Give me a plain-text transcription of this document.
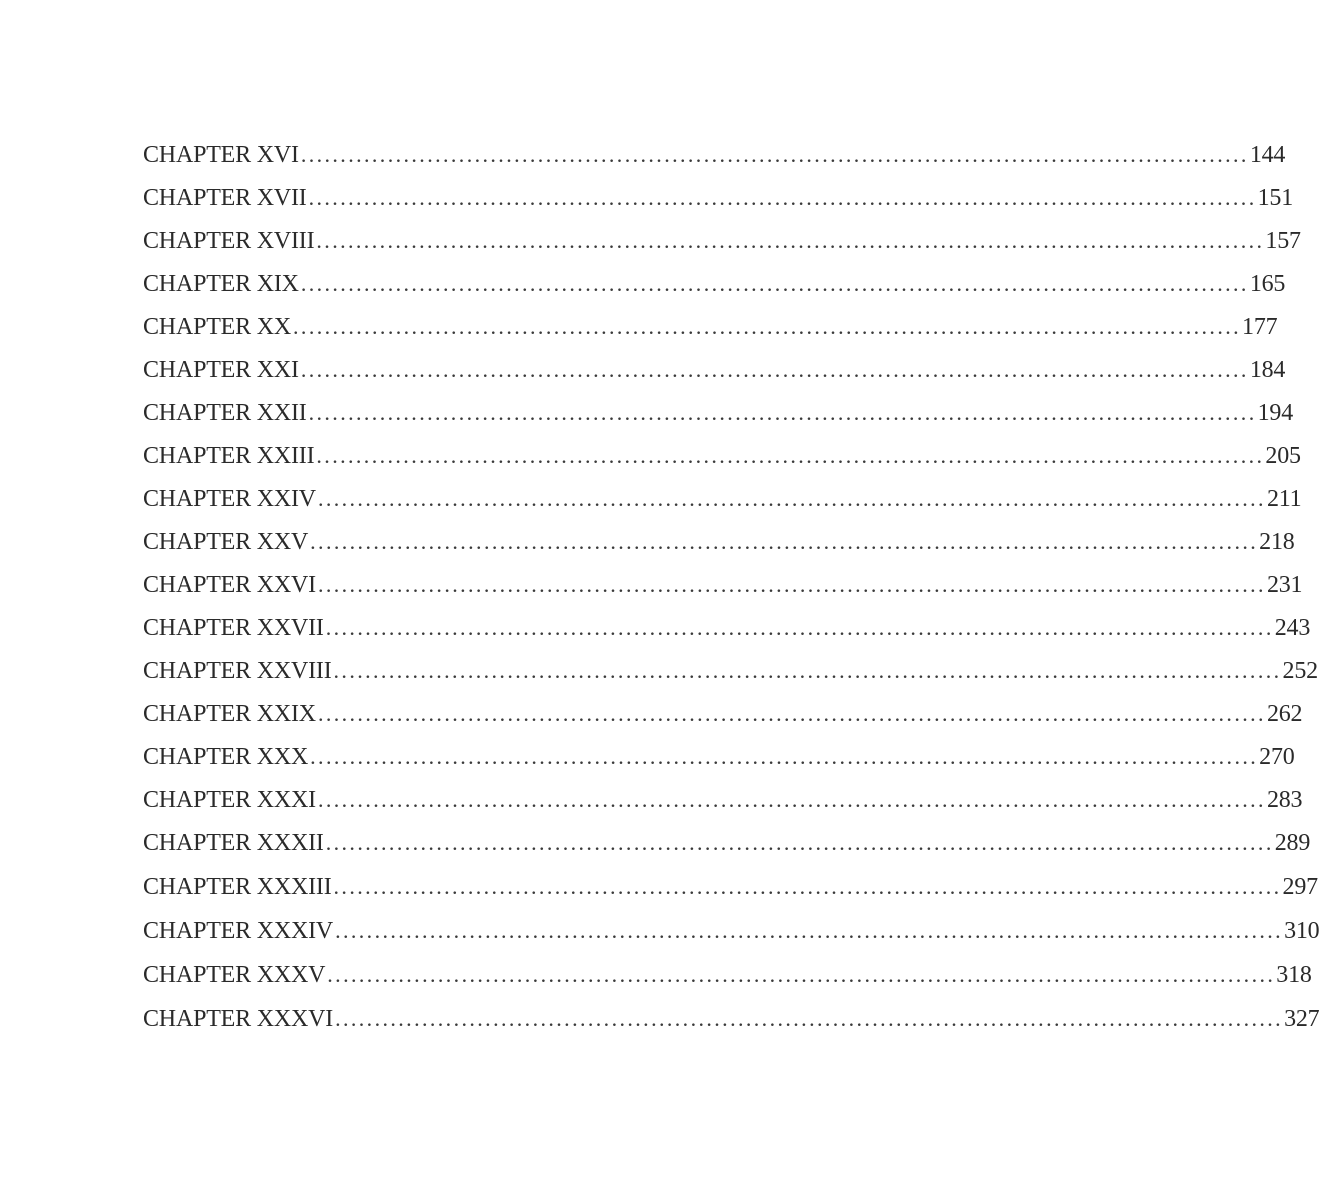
CHAPTER XVI ........................................................................................................................ 144
CHAPTER XVII ........................................................................................................................ 151
CHAPTER XVIII ........................................................................................................................ 157
CHAPTER XIX ........................................................................................................................ 165
CHAPTER XX ........................................................................................................................ 177
CHAPTER XXI ........................................................................................................................ 184
CHAPTER XXII ........................................................................................................................ 194
CHAPTER XXIII ........................................................................................................................ 205
CHAPTER XXIV ........................................................................................................................ 211
CHAPTER XXV ........................................................................................................................ 218
CHAPTER XXVI ........................................................................................................................ 231
CHAPTER XXVII ........................................................................................................................ 243
CHAPTER XXVIII ........................................................................................................................ 252
CHAPTER XXIX ........................................................................................................................ 262
CHAPTER XXX ........................................................................................................................ 270
CHAPTER XXXI ........................................................................................................................ 283
CHAPTER XXXII ........................................................................................................................ 289
CHAPTER XXXIII ........................................................................................................................ 297
CHAPTER XXXIV ........................................................................................................................ 310
CHAPTER XXXV ........................................................................................................................ 318
CHAPTER XXXVI ........................................................................................................................ 327
